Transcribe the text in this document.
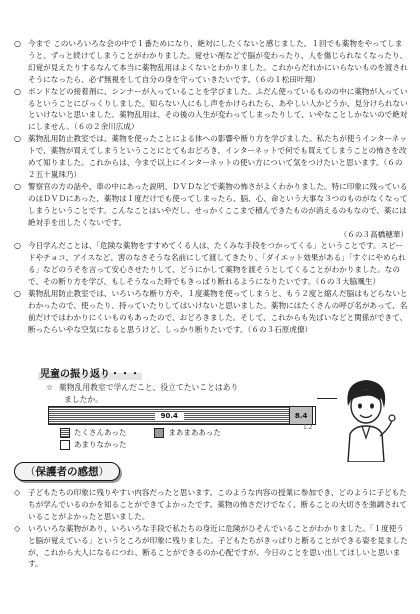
○ 今まで このいろいろな会の中で１番ためになり、絶対にしたくないと感じました。１回でも薬物をやってしまうと、ずっと続けてしまうことがわかりました。覚せい剤などで脳が変わったり、人を傷じられなくなったり、幻覚が見えたりするなんて本当に薬物乱用はよくないとわかりました。これからだれかにいらないものを渡されそうになったら、必ず無視をして自分の身を守っていきたいです。（６の１松田叶翔）
○ ボンドなどの接着剤に、シンナーが入っていることを学びました。ふだん使っているものの中に薬物が入っているということにびっくりしました。知らない人にもし声をかけられたら、あやしい人かどうか、見分けられないといけないと思いました。薬物乱用は、その後の人生が変わってしまったりして、いやなことしかないので絶対にしません。（６の２余川広成）
○ 薬物乱用防止教室では、薬物を使ったことによる体への影響や断り方を学びました。私たちが使うインターネットで、薬物が買えてしまうということにとてもおどろき、インターネットで何でも買えてしまうことの怖さを改めて知りました。これからは、今まで以上にインターネットの使い方について気をつけたいと思います。（６の２五十嵐珠乃）
○ 警察官の方の話や、車の中にあった説明、ＤＶＤなどで薬物の怖さがよくわかりました。特に印象に残っているのはＤＶＤにあった、薬物は１度だけでも使ってしまったら、脳、心、命という大事な３つのものがなくなってしまうということです。こんなことはいやだし、せっかくここまで積んできたものが消えるのもなので、薬には絶対手を出したくないです。
（６の３高橋穂華）
○ 今日学んだことは、「危険な薬物をすすめてくる人は、たくみな手段をつかってくる」ということです。スピードやチョコ、アイスなど、害のなさそうな名前にして渡してきたり、「ダイエット効果がある」「すぐにやめられる」などのうそを言って安心させたりして、どうにかして薬物を渡そうとしてくることがわかりました。なので、その断り方を学び、もしそうなった時でもきっぱり断れるようになりたいです。（６の３大脇颯生）
○ 薬物乱用防止教室では、いろいろな断り方や、１度薬物を使ってしまうと、もう２度と縮んだ脳はもどらないとわかったので、使ったり、持っていたりしてはいけないと思いました。薬物にはたくさんの呼び名があって、名前だけではわかりにくいものもあったので、おどろきました。そして、これからも先ばいなどと関係ができて、断ったらいやな空気になると思うけど、しっかり断りたいです。（６の３石原虎僚）
児童の振り返り・・・
☆ 薬物乱用教室で学んだこと、役立てたいことはあり
ましたか。
90.4	8.4
1.2
たくさんあった	まあまああった
あまりなかった
（保護者の感想）
◇ 子どもたちの印象に残りやすい内容だったと思います。このような内容の授業に参加でき、どのように子どもたちが学んでいるのかを知ることができてよかったです。薬物の怖さだけでなく、断ることの大切さを強調されていることがよかったと思いました。
◇ いろいろな薬物があり、いろいろな手段で私たちの身近に危険がひそんでいることがわかりました。「１度使うと脳が覚えている」というところが印象に残りました。子どもたちがきっぱりと断ることができる姿を見ましたが、これから大人になるにつれ、断ることができるのか心配ですが、今日のことを思い出してほしいと思います。
